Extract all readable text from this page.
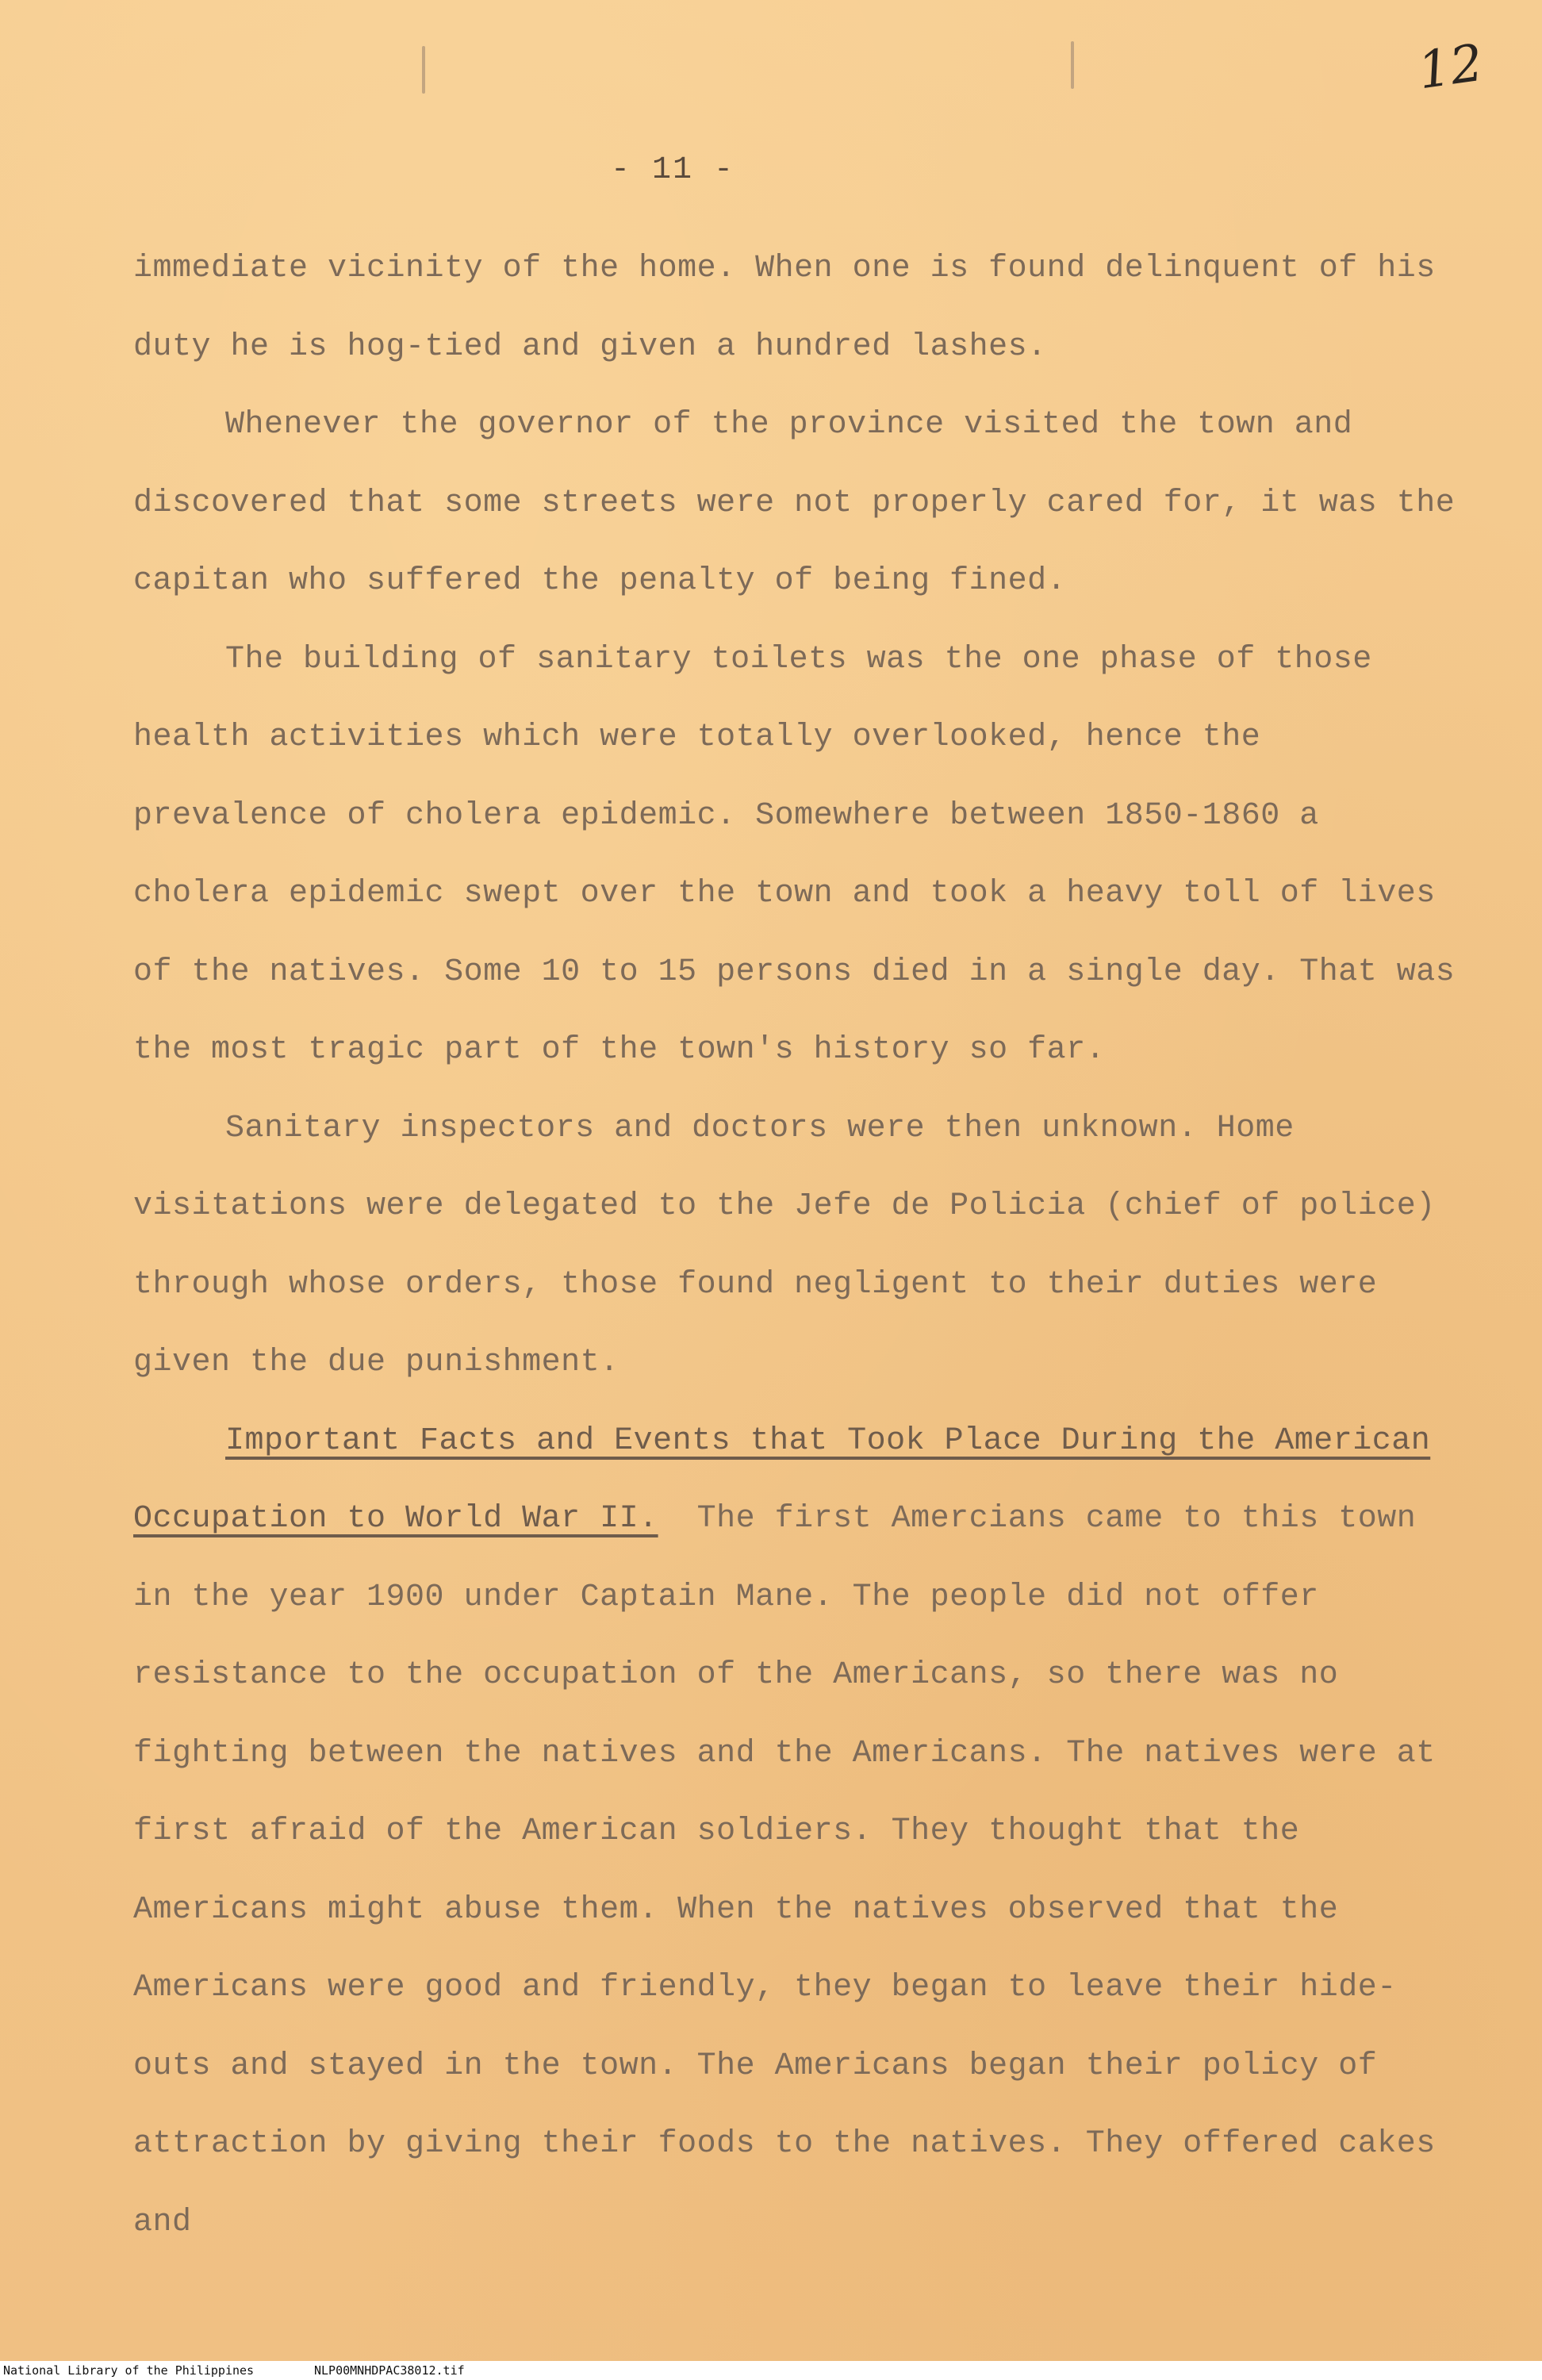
12
- 11 -

immediate vicinity of the home. When one is found delinquent of his duty he is hog-tied and given a hundred lashes.

Whenever the governor of the province visited the town and discovered that some streets were not properly cared for, it was the capitan who suffered the penalty of being fined.

The building of sanitary toilets was the one phase of those health activities which were totally overlooked, hence the prevalence of cholera epidemic. Somewhere between 1850-1860 a cholera epidemic swept over the town and took a heavy toll of lives of the natives. Some 10 to 15 persons died in a single day. That was the most tragic part of the town's history so far.

Sanitary inspectors and doctors were then unknown. Home visitations were delegated to the Jefe de Policia (chief of police) through whose orders, those found negligent to their duties were given the due punishment.

Important Facts and Events that Took Place During the American Occupation to World War II. The first Amercians came to this town in the year 1900 under Captain Mane. The people did not offer resistance to the occupation of the Americans, so there was no fighting between the natives and the Americans. The natives were at first afraid of the American soldiers. They thought that the Americans might abuse them. When the natives observed that the Americans were good and friendly, they began to leave their hide-outs and stayed in the town. The Americans began their policy of attraction by giving their foods to the natives. They offered cakes and

National Library of the Philippines	NLP00MNHDPAC38012.tif
